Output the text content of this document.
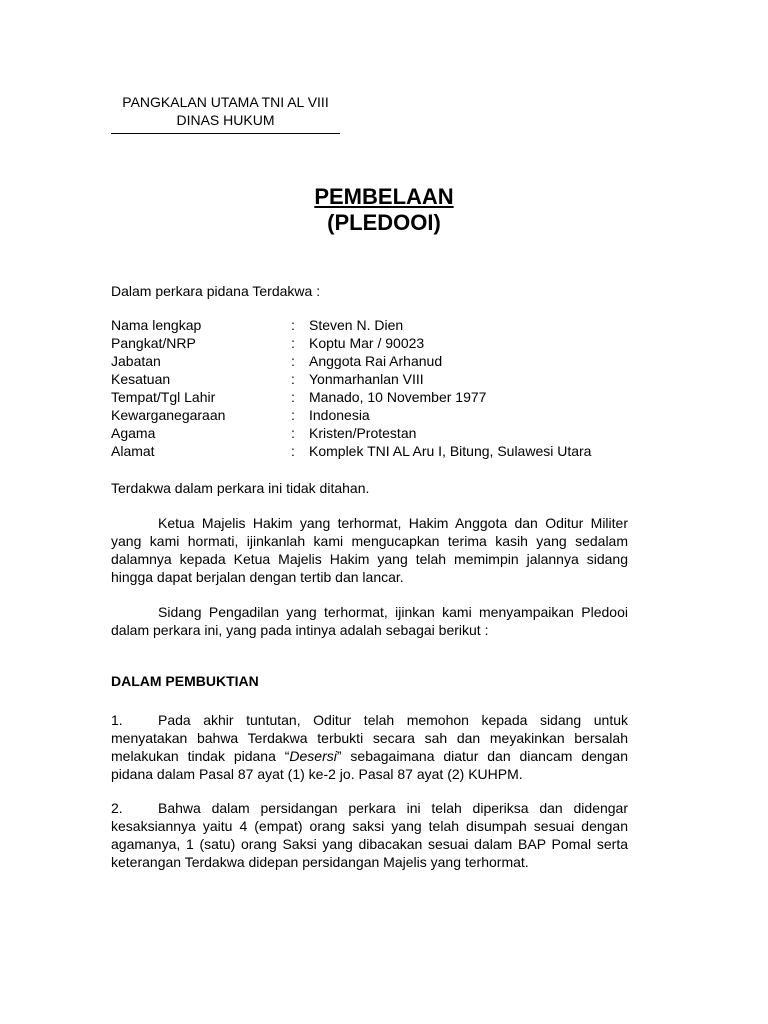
PANGKALAN UTAMA TNI AL VIII
DINAS HUKUM
PEMBELAAN
(PLEDOOI)
Dalam perkara pidana Terdakwa :
Nama lengkap	:	Steven N. Dien
Pangkat/NRP	:	Koptu Mar / 90023
Jabatan	:	Anggota Rai Arhanud
Kesatuan	:	Yonmarhanlan VIII
Tempat/Tgl Lahir	:	Manado, 10 November 1977
Kewarganegaraan	:	Indonesia
Agama	:	Kristen/Protestan
Alamat	:	Komplek TNI AL Aru I, Bitung, Sulawesi Utara
Terdakwa dalam perkara ini tidak ditahan.
Ketua Majelis Hakim yang terhormat, Hakim Anggota dan Oditur Militer yang kami hormati, ijinkanlah kami mengucapkan terima kasih yang sedalam dalamnya kepada Ketua Majelis Hakim yang telah memimpin jalannya sidang hingga dapat berjalan dengan tertib dan lancar.
Sidang Pengadilan yang terhormat, ijinkan kami menyampaikan Pledooi dalam perkara ini, yang pada intinya adalah sebagai berikut :
DALAM PEMBUKTIAN
1.	Pada akhir tuntutan, Oditur telah memohon kepada sidang untuk menyatakan bahwa Terdakwa terbukti secara sah dan meyakinkan bersalah melakukan tindak pidana “Desersi” sebagaimana diatur dan diancam dengan pidana dalam Pasal 87 ayat (1) ke-2 jo. Pasal 87 ayat (2) KUHPM.
2.	Bahwa dalam persidangan perkara ini telah diperiksa dan didengar kesaksiannya yaitu 4 (empat) orang saksi yang telah disumpah sesuai dengan agamanya, 1 (satu) orang Saksi yang dibacakan sesuai dalam BAP Pomal serta keterangan Terdakwa didepan persidangan Majelis yang terhormat.
